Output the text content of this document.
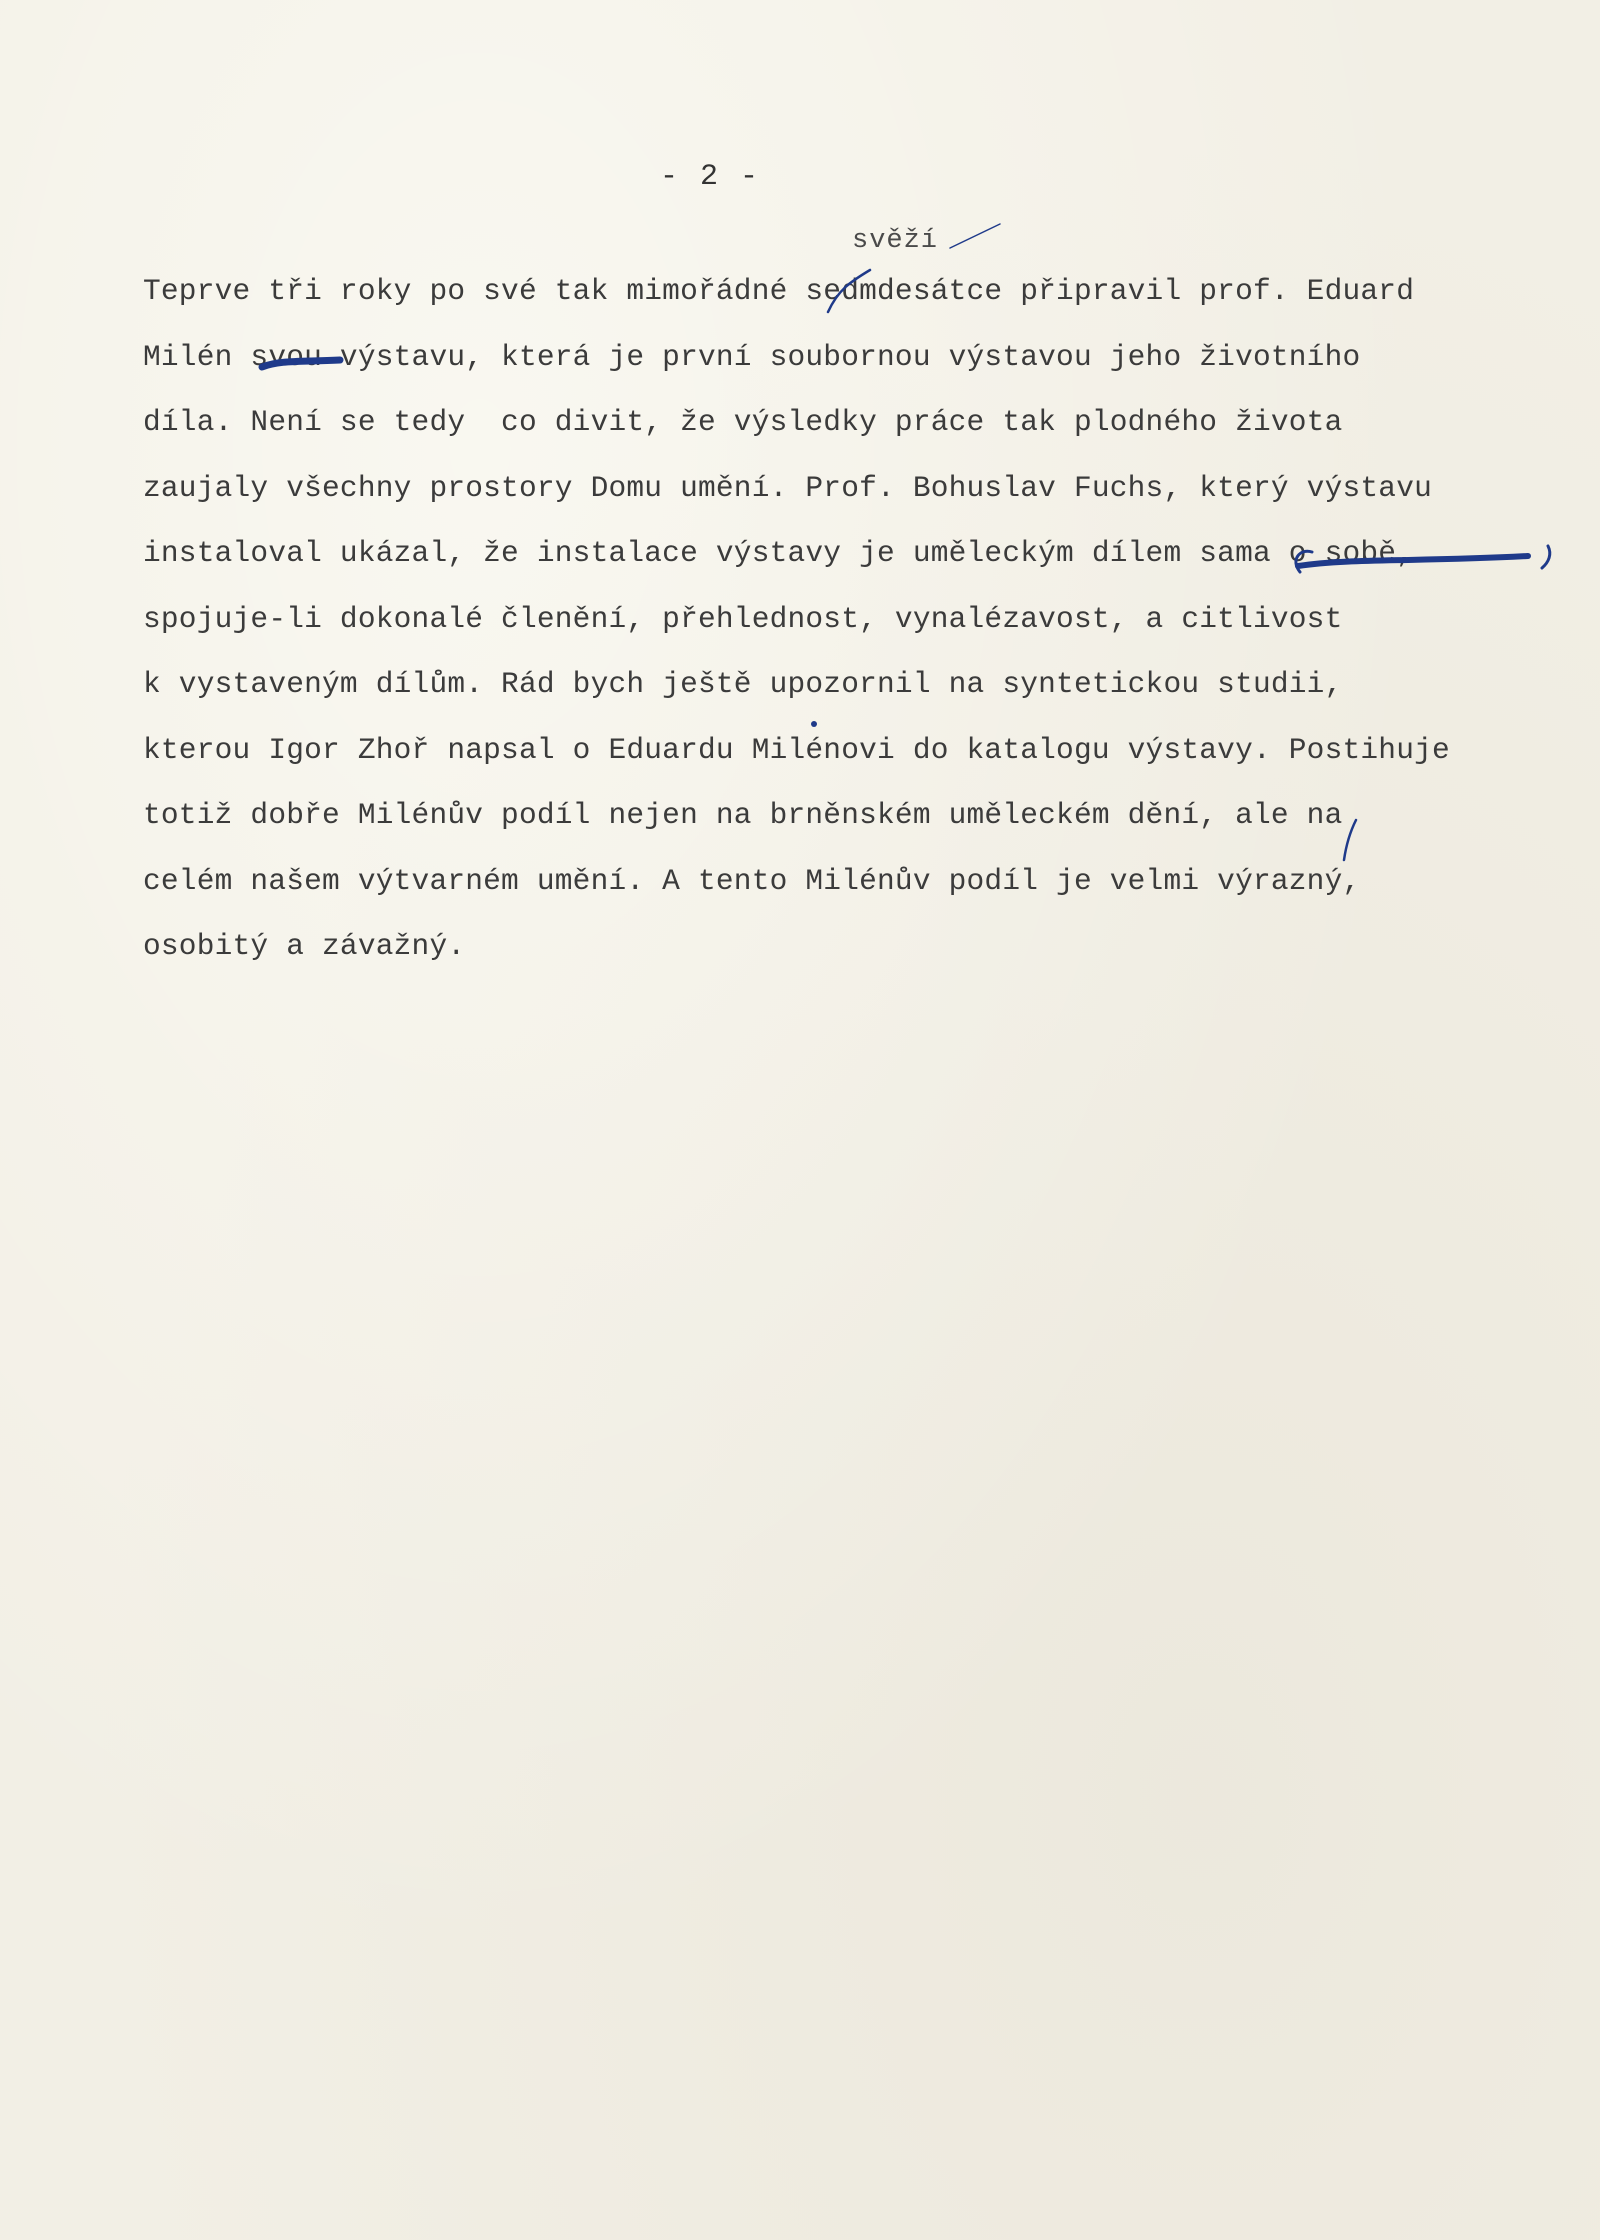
- 2 -
svěží
Teprve tři roky po své tak mimořádné sedmdesátce připravil prof. Eduard
Milén svou výstavu, která je první soubornou výstavou jeho životního
díla. Není se tedy  co divit, že výsledky práce tak plodného života
zaujaly všechny prostory Domu umění. Prof. Bohuslav Fuchs, který výstavu
instaloval ukázal, že instalace výstavy je uměleckým dílem sama o sobě,
spojuje-li dokonalé členění, přehlednost, vynalézavost, a citlivost
k vystaveným dílům. Rád bych ještě upozornil na syntetickou studii,
kterou Igor Zhoř napsal o Eduardu Milénovi do katalogu výstavy. Postihuje
totiž dobře Milénův podíl nejen na brněnském uměleckém dění, ale na
celém našem výtvarném umění. A tento Milénův podíl je velmi výrazný,
osobitý a závažný.
